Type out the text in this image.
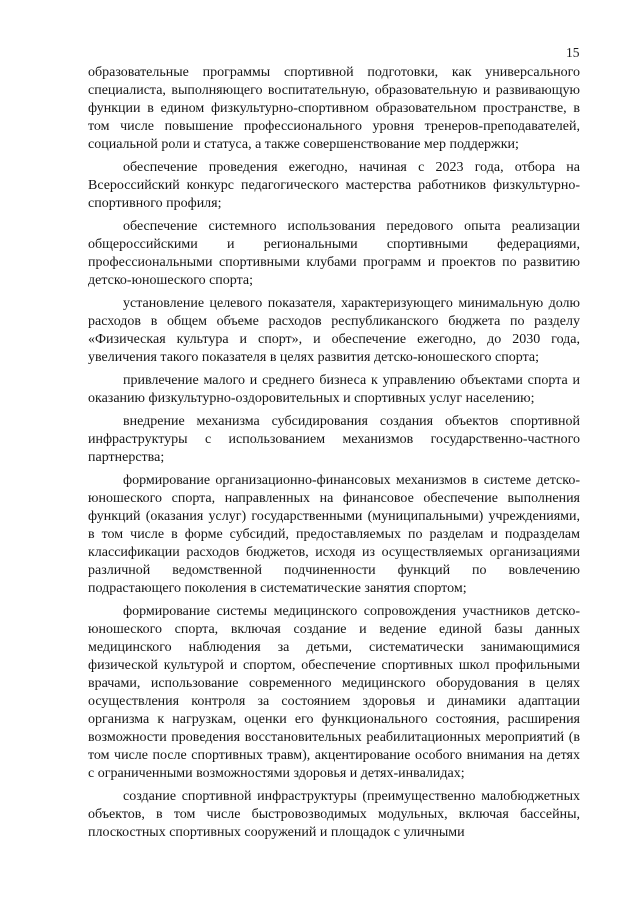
15

образовательные программы спортивной подготовки, как универсального специалиста, выполняющего воспитательную, образовательную и развивающую функции в едином физкультурно-спортивном образовательном пространстве, в том числе повышение профессионального уровня тренеров-преподавателей, социальной роли и статуса, а также совершенствование мер поддержки;

обеспечение проведения ежегодно, начиная с 2023 года, отбора на Всероссийский конкурс педагогического мастерства работников физкультурно-спортивного профиля;

обеспечение системного использования передового опыта реализации общероссийскими и региональными спортивными федерациями, профессиональными спортивными клубами программ и проектов по развитию детско-юношеского спорта;

установление целевого показателя, характеризующего минимальную долю расходов в общем объеме расходов республиканского бюджета по разделу «Физическая культура и спорт», и обеспечение ежегодно, до 2030 года, увеличения такого показателя в целях развития детско-юношеского спорта;

привлечение малого и среднего бизнеса к управлению объектами спорта и оказанию физкультурно-оздоровительных и спортивных услуг населению;

внедрение механизма субсидирования создания объектов спортивной инфраструктуры с использованием механизмов государственно-частного партнерства;

формирование организационно-финансовых механизмов в системе детско-юношеского спорта, направленных на финансовое обеспечение выполнения функций (оказания услуг) государственными (муниципальными) учреждениями, в том числе в форме субсидий, предоставляемых по разделам и подразделам классификации расходов бюджетов, исходя из осуществляемых организациями различной ведомственной подчиненности функций по вовлечению подрастающего поколения в систематические занятия спортом;

формирование системы медицинского сопровождения участников детско-юношеского спорта, включая создание и ведение единой базы данных медицинского наблюдения за детьми, систематически занимающимися физической культурой и спортом, обеспечение спортивных школ профильными врачами, использование современного медицинского оборудования в целях осуществления контроля за состоянием здоровья и динамики адаптации организма к нагрузкам, оценки его функционального состояния, расширения возможности проведения восстановительных реабилитационных мероприятий (в том числе после спортивных травм), акцентирование особого внимания на детях с ограниченными возможностями здоровья и детях-инвалидах;

создание спортивной инфраструктуры (преимущественно малобюджетных объектов, в том числе быстровозводимых модульных, включая бассейны, плоскостных спортивных сооружений и площадок с уличными
